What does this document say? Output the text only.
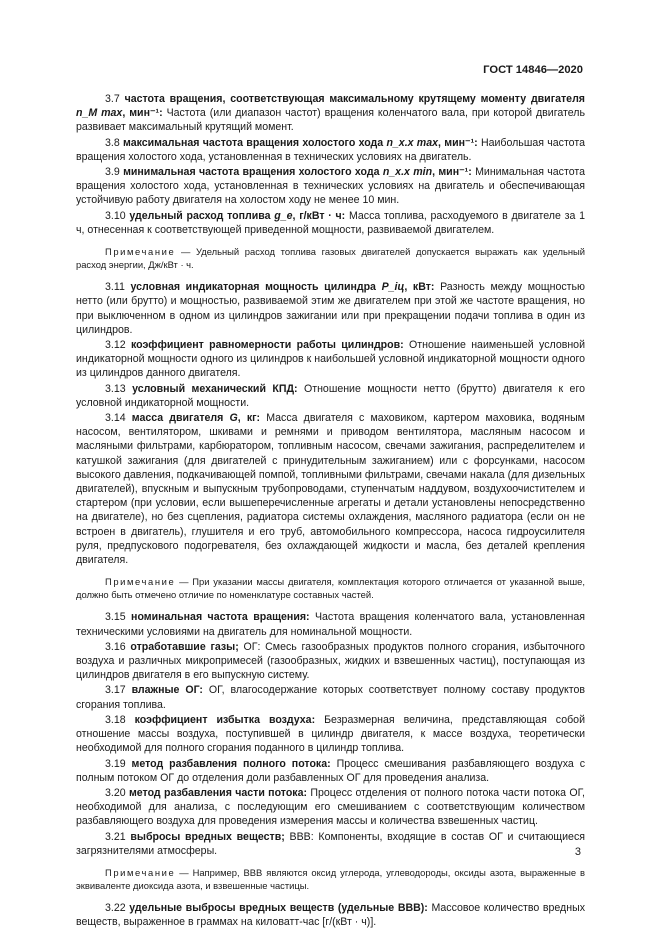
ГОСТ 14846—2020

3.7 частота вращения, соответствующая максимальному крутящему моменту двигателя n_M max, мин⁻¹: Частота (или диапазон частот) вращения коленчатого вала, при которой двигатель развивает максимальный крутящий момент.

3.8 максимальная частота вращения холостого хода n_x.x max, мин⁻¹: Наибольшая частота вращения холостого хода, установленная в технических условиях на двигатель.

3.9 минимальная частота вращения холостого хода n_x.x min, мин⁻¹: Минимальная частота вращения холостого хода, установленная в технических условиях на двигатель и обеспечивающая устойчивую работу двигателя на холостом ходу не менее 10 мин.

3.10 удельный расход топлива g_e, г/кВт · ч: Масса топлива, расходуемого в двигателе за 1 ч, отнесенная к соответствующей приведенной мощности, развиваемой двигателем.

Примечание — Удельный расход топлива газовых двигателей допускается выражать как удельный расход энергии, Дж/кВт · ч.

3.11 условная индикаторная мощность цилиндра P_iц, кВт: Разность между мощностью нетто (или брутто) и мощностью, развиваемой этим же двигателем при этой же частоте вращения, но при выключенном в одном из цилиндров зажигании или при прекращении подачи топлива в один из цилиндров.

3.12 коэффициент равномерности работы цилиндров: Отношение наименьшей условной индикаторной мощности одного из цилиндров к наибольшей условной индикаторной мощности одного из цилиндров данного двигателя.

3.13 условный механический КПД: Отношение мощности нетто (брутто) двигателя к его условной индикаторной мощности.

3.14 масса двигателя G, кг: Масса двигателя с маховиком, картером маховика, водяным насосом, вентилятором, шкивами и ремнями и приводом вентилятора, масляным насосом и масляными фильтрами, карбюратором, топливным насосом, свечами зажигания, распределителем и катушкой зажигания (для двигателей с принудительным зажиганием) или с форсунками, насосом высокого давления, подкачивающей помпой, топливными фильтрами, свечами накала (для дизельных двигателей), впускным и выпускным трубопроводами, ступенчатым наддувом, воздухоочистителем и стартером (при условии, если вышеперечисленные агрегаты и детали установлены непосредственно на двигателе), но без сцепления, радиатора системы охлаждения, масляного радиатора (если он не встроен в двигатель), глушителя и его труб, автомобильного компрессора, насоса гидроусилителя руля, предпускового подогревателя, без охлаждающей жидкости и масла, без деталей крепления двигателя.

Примечание — При указании массы двигателя, комплектация которого отличается от указанной выше, должно быть отмечено отличие по номенклатуре составных частей.

3.15 номинальная частота вращения: Частота вращения коленчатого вала, установленная техническими условиями на двигатель для номинальной мощности.

3.16 отработавшие газы; ОГ: Смесь газообразных продуктов полного сгорания, избыточного воздуха и различных микропримесей (газообразных, жидких и взвешенных частиц), поступающая из цилиндров двигателя в его выпускную систему.

3.17 влажные ОГ: ОГ, влагосодержание которых соответствует полному составу продуктов сгорания топлива.

3.18 коэффициент избытка воздуха: Безразмерная величина, представляющая собой отношение массы воздуха, поступившей в цилиндр двигателя, к массе воздуха, теоретически необходимой для полного сгорания поданного в цилиндр топлива.

3.19 метод разбавления полного потока: Процесс смешивания разбавляющего воздуха с полным потоком ОГ до отделения доли разбавленных ОГ для проведения анализа.

3.20 метод разбавления части потока: Процесс отделения от полного потока части потока ОГ, необходимой для анализа, с последующим его смешиванием с соответствующим количеством разбавляющего воздуха для проведения измерения массы и количества взвешенных частиц.

3.21 выбросы вредных веществ; ВВВ: Компоненты, входящие в состав ОГ и считающиеся загрязнителями атмосферы.

Примечание — Например, ВВВ являются оксид углерода, углеводороды, оксиды азота, выраженные в эквиваленте диоксида азота, и взвешенные частицы.

3.22 удельные выбросы вредных веществ (удельные ВВВ): Массовое количество вредных веществ, выраженное в граммах на киловатт-час [г/(кВт · ч)].

3
